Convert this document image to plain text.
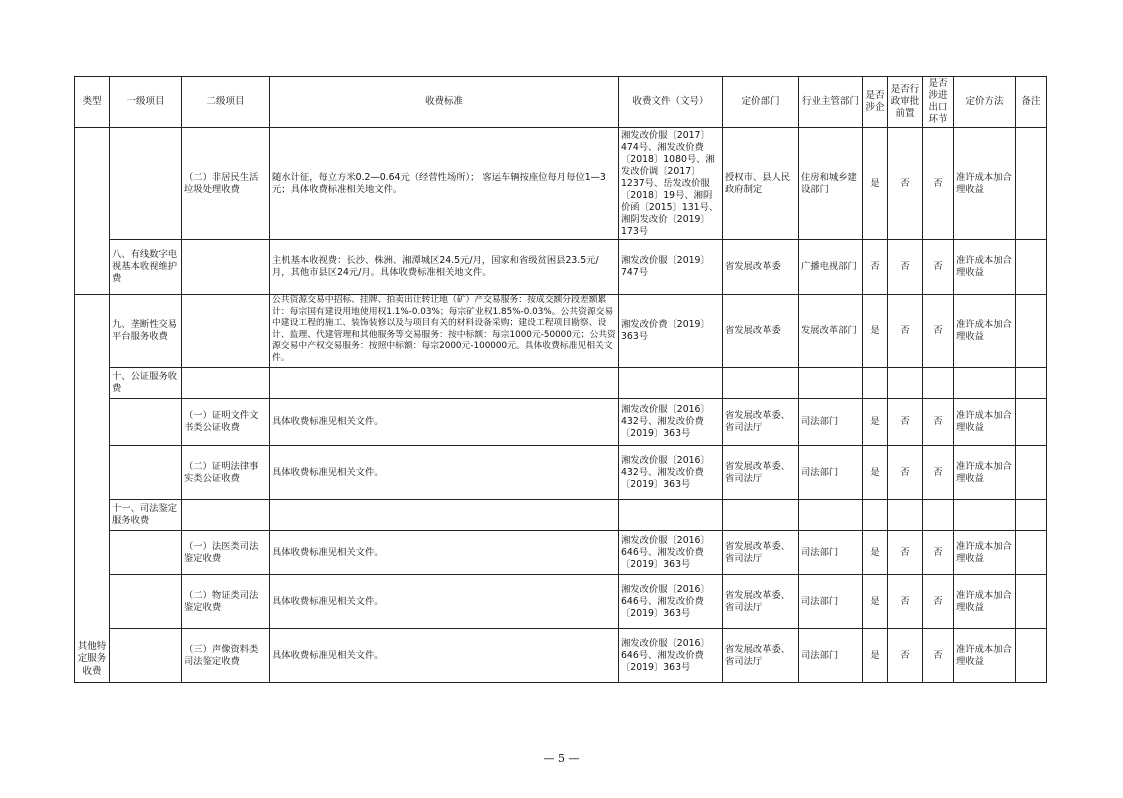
类型	一级项目	二级项目	收费标准	收费文件（文号）	定价部门	行业主管部门	是否涉企	是否行政审批前置	是否涉进出口环节	定价方法	备注
		（二）非居民生活垃圾处理收费	随水计征，每立方米0.2—0.64元（经营性场所）； 客运车辆按座位每月每位1—3元；具体收费标准相关地文件。	湘发改价服〔2017〕474号、湘发改价费〔2018〕1080号、湘发改价调〔2017〕1237号、岳发改价服〔2018〕19号、湘阴价函〔2015〕131号、湘阴发改价〔2019〕173号	授权市、县人民政府制定	住房和城乡建设部门	是	否	否	准许成本加合理收益	
	八、有线数字电视基本收视维护费		主机基本收视费：长沙、株洲、湘潭城区24.5元/月，国家和省级贫困县23.5元/月，其他市县区24元/月。具体收费标准相关地文件。	湘发改价服〔2019〕747号	省发展改革委	广播电视部门	否	否	否	准许成本加合理收益	
其他特定服务收费	九、垄断性交易平台服务收费		公共资源交易中招标、挂牌、拍卖出让转让地（矿）产交易服务：按成交额分段差额累计：每宗国有建设用地使用权1.1%-0.03%；每宗矿业权1.85%-0.03%。公共资源交易中建设工程的施工、装饰装修以及与项目有关的材料设备采购；建设工程项目勘察、设计、监理、代建管理和其他服务等交易服务：按中标额：每宗1000元-50000元；公共资源交易中产权交易服务：按照中标额：每宗2000元-100000元。具体收费标准见相关文件。	湘发改价费〔2019〕363号	省发展改革委	发展改革部门	是	否	否	准许成本加合理收益	
	十、公证服务收费										
		（一）证明文件文书类公证收费	具体收费标准见相关文件。	湘发改价服〔2016〕432号、湘发改价费〔2019〕363号	省发展改革委、省司法厅	司法部门	是	否	否	准许成本加合理收益	
		（二）证明法律事实类公证收费	具体收费标准见相关文件。	湘发改价服〔2016〕432号、湘发改价费〔2019〕363号	省发展改革委、省司法厅	司法部门	是	否	否	准许成本加合理收益	
	十一、司法鉴定服务收费										
		（一）法医类司法鉴定收费	具体收费标准见相关文件。	湘发改价服〔2016〕646号、湘发改价费〔2019〕363号	省发展改革委、省司法厅	司法部门	是	否	否	准许成本加合理收益	
		（二）物证类司法鉴定收费	具体收费标准见相关文件。	湘发改价服〔2016〕646号、湘发改价费〔2019〕363号	省发展改革委、省司法厅	司法部门	是	否	否	准许成本加合理收益	
		（三）声像资料类司法鉴定收费	具体收费标准见相关文件。	湘发改价服〔2016〕646号、湘发改价费〔2019〕363号	省发展改革委、省司法厅	司法部门	是	否	否	准许成本加合理收益	
— 5 —
